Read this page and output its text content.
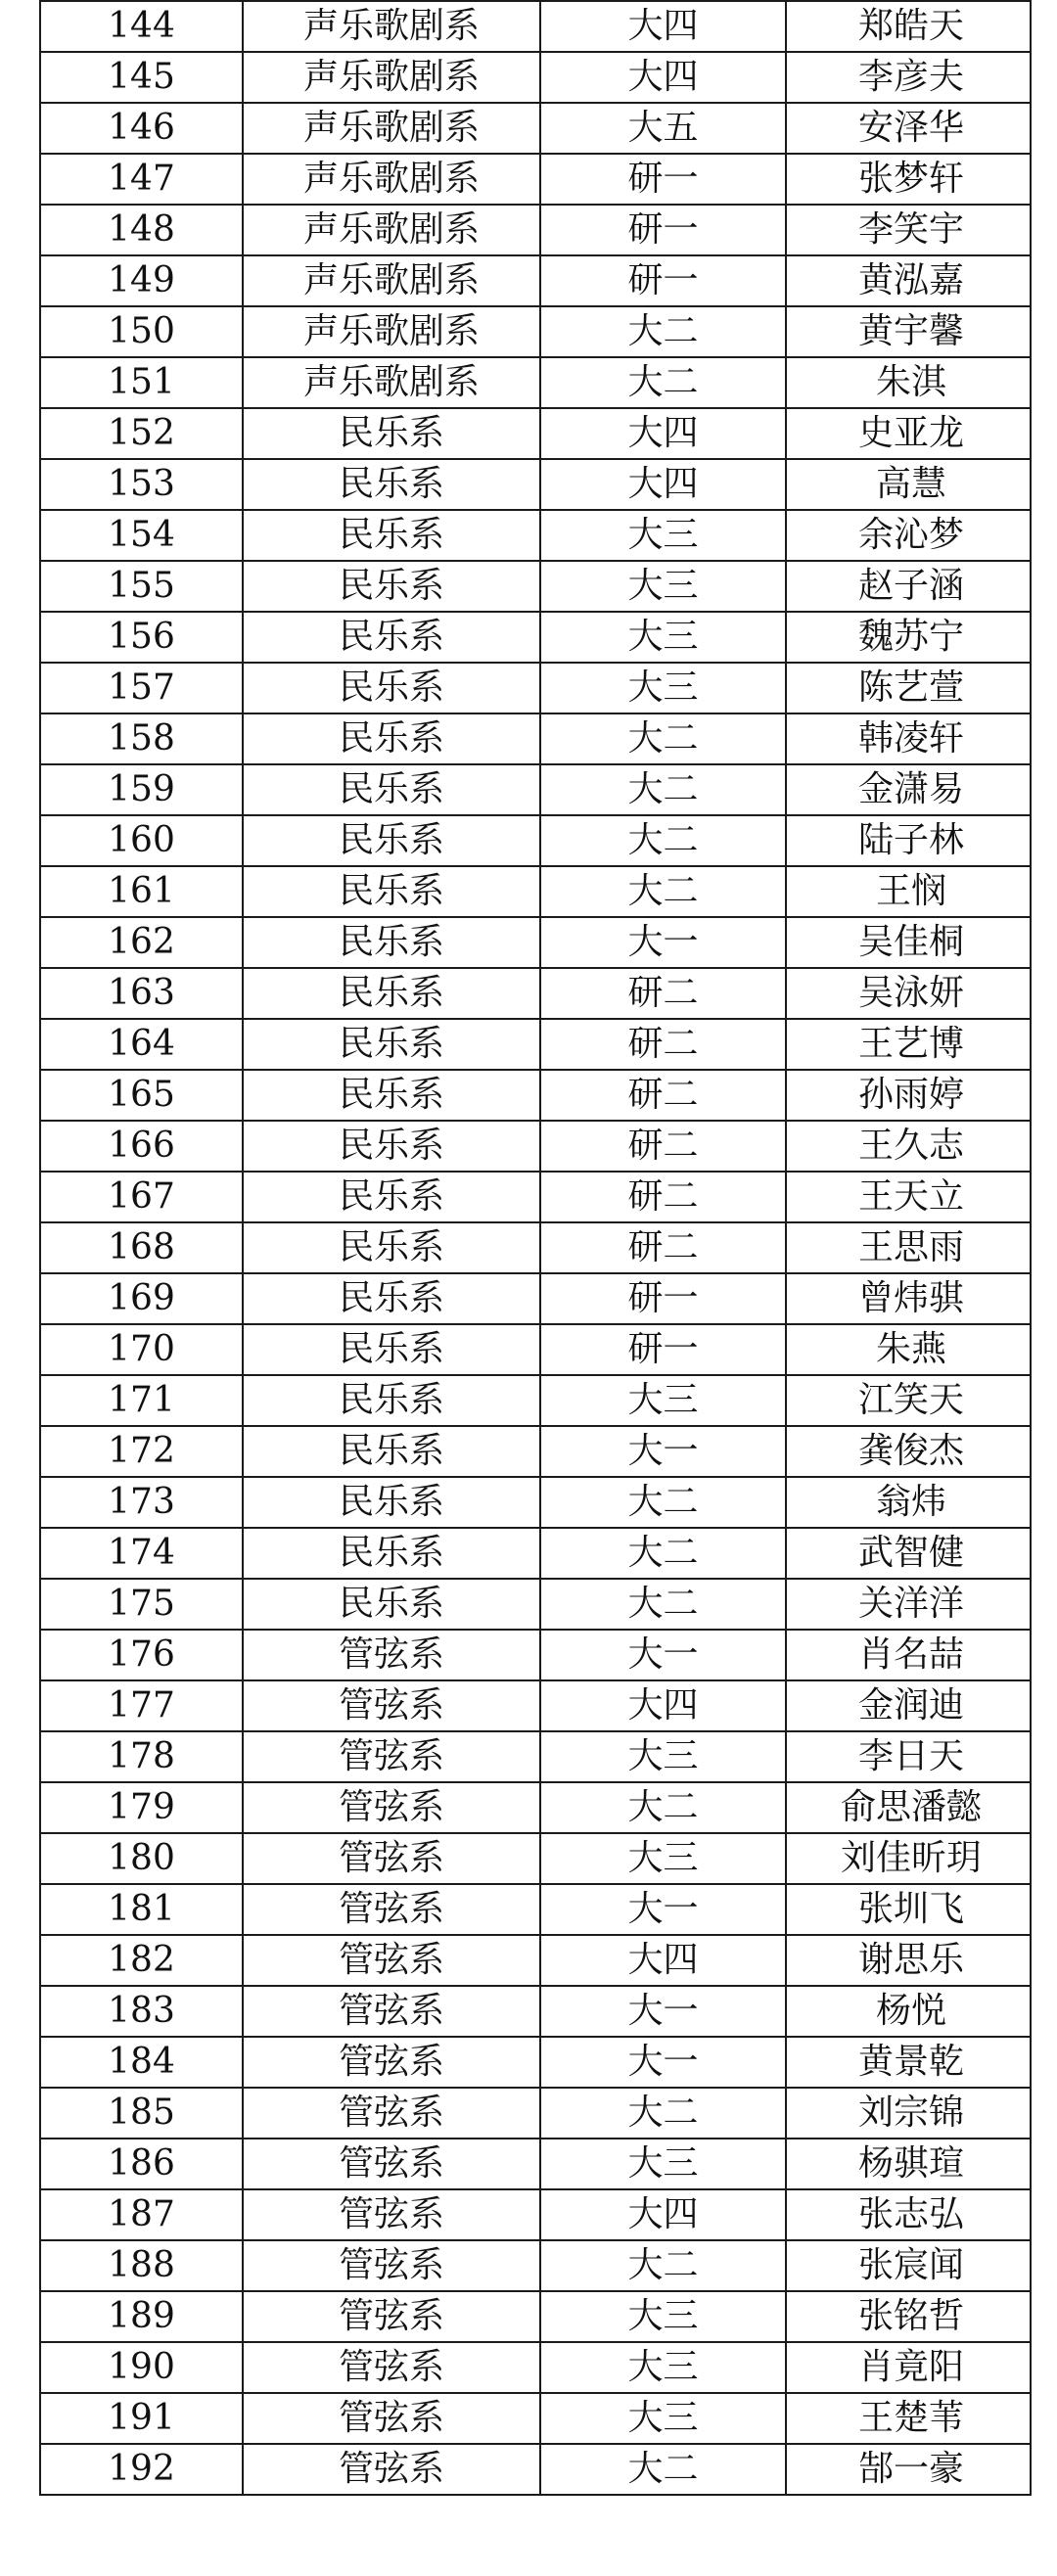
144	声乐歌剧系	大四	郑皓天
145	声乐歌剧系	大四	李彦夫
146	声乐歌剧系	大五	安泽华
147	声乐歌剧系	研一	张梦轩
148	声乐歌剧系	研一	李笑宇
149	声乐歌剧系	研一	黄泓嘉
150	声乐歌剧系	大二	黄宇馨
151	声乐歌剧系	大二	朱淇
152	民乐系	大四	史亚龙
153	民乐系	大四	高慧
154	民乐系	大三	余沁梦
155	民乐系	大三	赵子涵
156	民乐系	大三	魏苏宁
157	民乐系	大三	陈艺萱
158	民乐系	大二	韩凌轩
159	民乐系	大二	金潇易
160	民乐系	大二	陆子林
161	民乐系	大二	王悯
162	民乐系	大一	吴佳桐
163	民乐系	研二	吴泳妍
164	民乐系	研二	王艺博
165	民乐系	研二	孙雨婷
166	民乐系	研二	王久志
167	民乐系	研二	王天立
168	民乐系	研二	王思雨
169	民乐系	研一	曾炜骐
170	民乐系	研一	朱燕
171	民乐系	大三	江笑天
172	民乐系	大一	龚俊杰
173	民乐系	大二	翁炜
174	民乐系	大二	武智健
175	民乐系	大二	关洋洋
176	管弦系	大一	肖名喆
177	管弦系	大四	金润迪
178	管弦系	大三	李日天
179	管弦系	大二	俞思潘懿
180	管弦系	大三	刘佳昕玥
181	管弦系	大一	张圳飞
182	管弦系	大四	谢思乐
183	管弦系	大一	杨悦
184	管弦系	大一	黄景乾
185	管弦系	大二	刘宗锦
186	管弦系	大三	杨骐瑄
187	管弦系	大四	张志弘
188	管弦系	大二	张宸闻
189	管弦系	大三	张铭哲
190	管弦系	大三	肖竟阳
191	管弦系	大三	王楚苇
192	管弦系	大二	郜一豪
